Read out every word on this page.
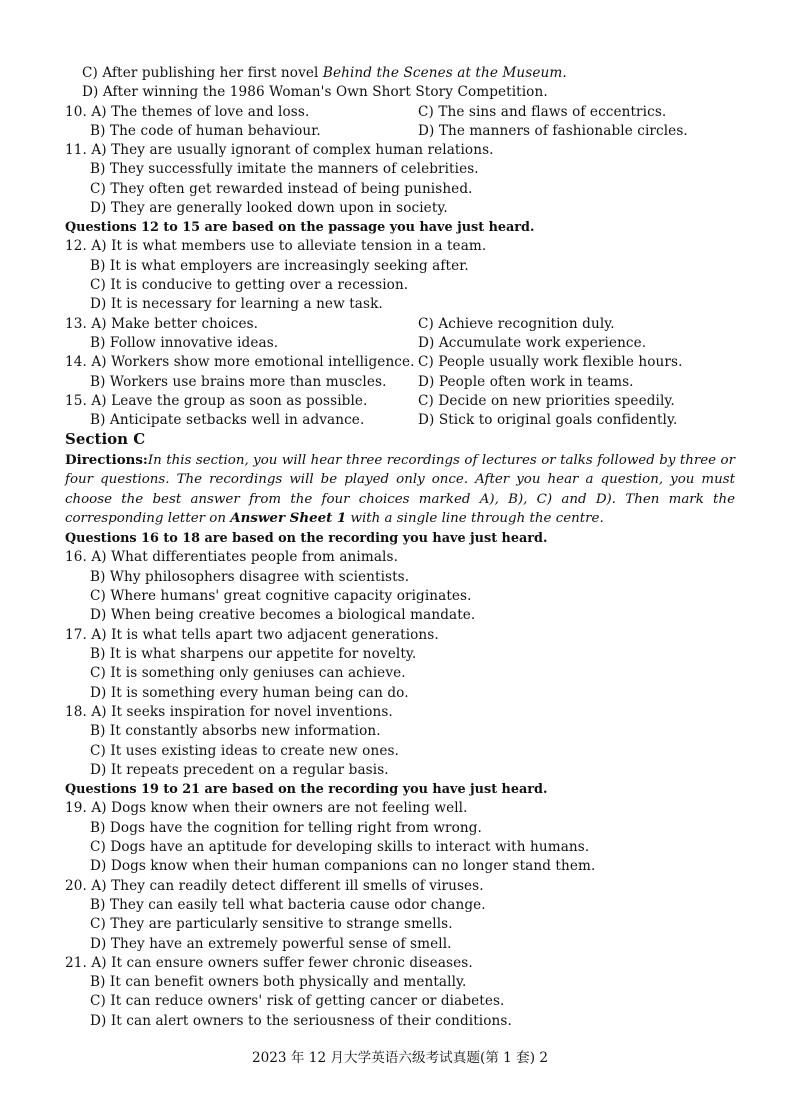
C) After publishing her first novel Behind the Scenes at the Museum.
D) After winning the 1986 Woman's Own Short Story Competition.
10. A) The themes of love and loss.	C) The sins and flaws of eccentrics.
B) The code of human behaviour.	D) The manners of fashionable circles.
11. A) They are usually ignorant of complex human relations.
B) They successfully imitate the manners of celebrities.
C) They often get rewarded instead of being punished.
D) They are generally looked down upon in society.
Questions 12 to 15 are based on the passage you have just heard.
12. A) It is what members use to alleviate tension in a team.
B) It is what employers are increasingly seeking after.
C) It is conducive to getting over a recession.
D) It is necessary for learning a new task.
13. A) Make better choices.	C) Achieve recognition duly.
B) Follow innovative ideas.	D) Accumulate work experience.
14. A) Workers show more emotional intelligence. C) People usually work flexible hours.
B) Workers use brains more than muscles. D) People often work in teams.
15. A) Leave the group as soon as possible.	C) Decide on new priorities speedily.
B) Anticipate setbacks well in advance.	D) Stick to original goals confidently.
Section C
Questions 16 to 18 are based on the recording you have just heard.
16. A) What differentiates people from animals.
B) Why philosophers disagree with scientists.
C) Where humans' great cognitive capacity originates.
D) When being creative becomes a biological mandate.
17. A) It is what tells apart two adjacent generations.
B) It is what sharpens our appetite for novelty.
C) It is something only geniuses can achieve.
D) It is something every human being can do.
18. A) It seeks inspiration for novel inventions.
B) It constantly absorbs new information.
C) It uses existing ideas to create new ones.
D) It repeats precedent on a regular basis.
Questions 19 to 21 are based on the recording you have just heard.
19. A) Dogs know when their owners are not feeling well.
B) Dogs have the cognition for telling right from wrong.
C) Dogs have an aptitude for developing skills to interact with humans.
D) Dogs know when their human companions can no longer stand them.
20. A) They can readily detect different ill smells of viruses.
B) They can easily tell what bacteria cause odor change.
C) They are particularly sensitive to strange smells.
D) They have an extremely powerful sense of smell.
21. A) It can ensure owners suffer fewer chronic diseases.
B) It can benefit owners both physically and mentally.
C) It can reduce owners' risk of getting cancer or diabetes.
D) It can alert owners to the seriousness of their conditions.
Directions:In this section, you will hear three recordings of lectures or talks followed by three or four questions. The recordings will be played only once. After you hear a question, you must choose the best answer from the four choices marked A), B), C) and D). Then mark the corresponding letter on Answer Sheet 1 with a single line through the centre.
2023 年 12 月大学英语六级考试真题(第 1 套) 2
